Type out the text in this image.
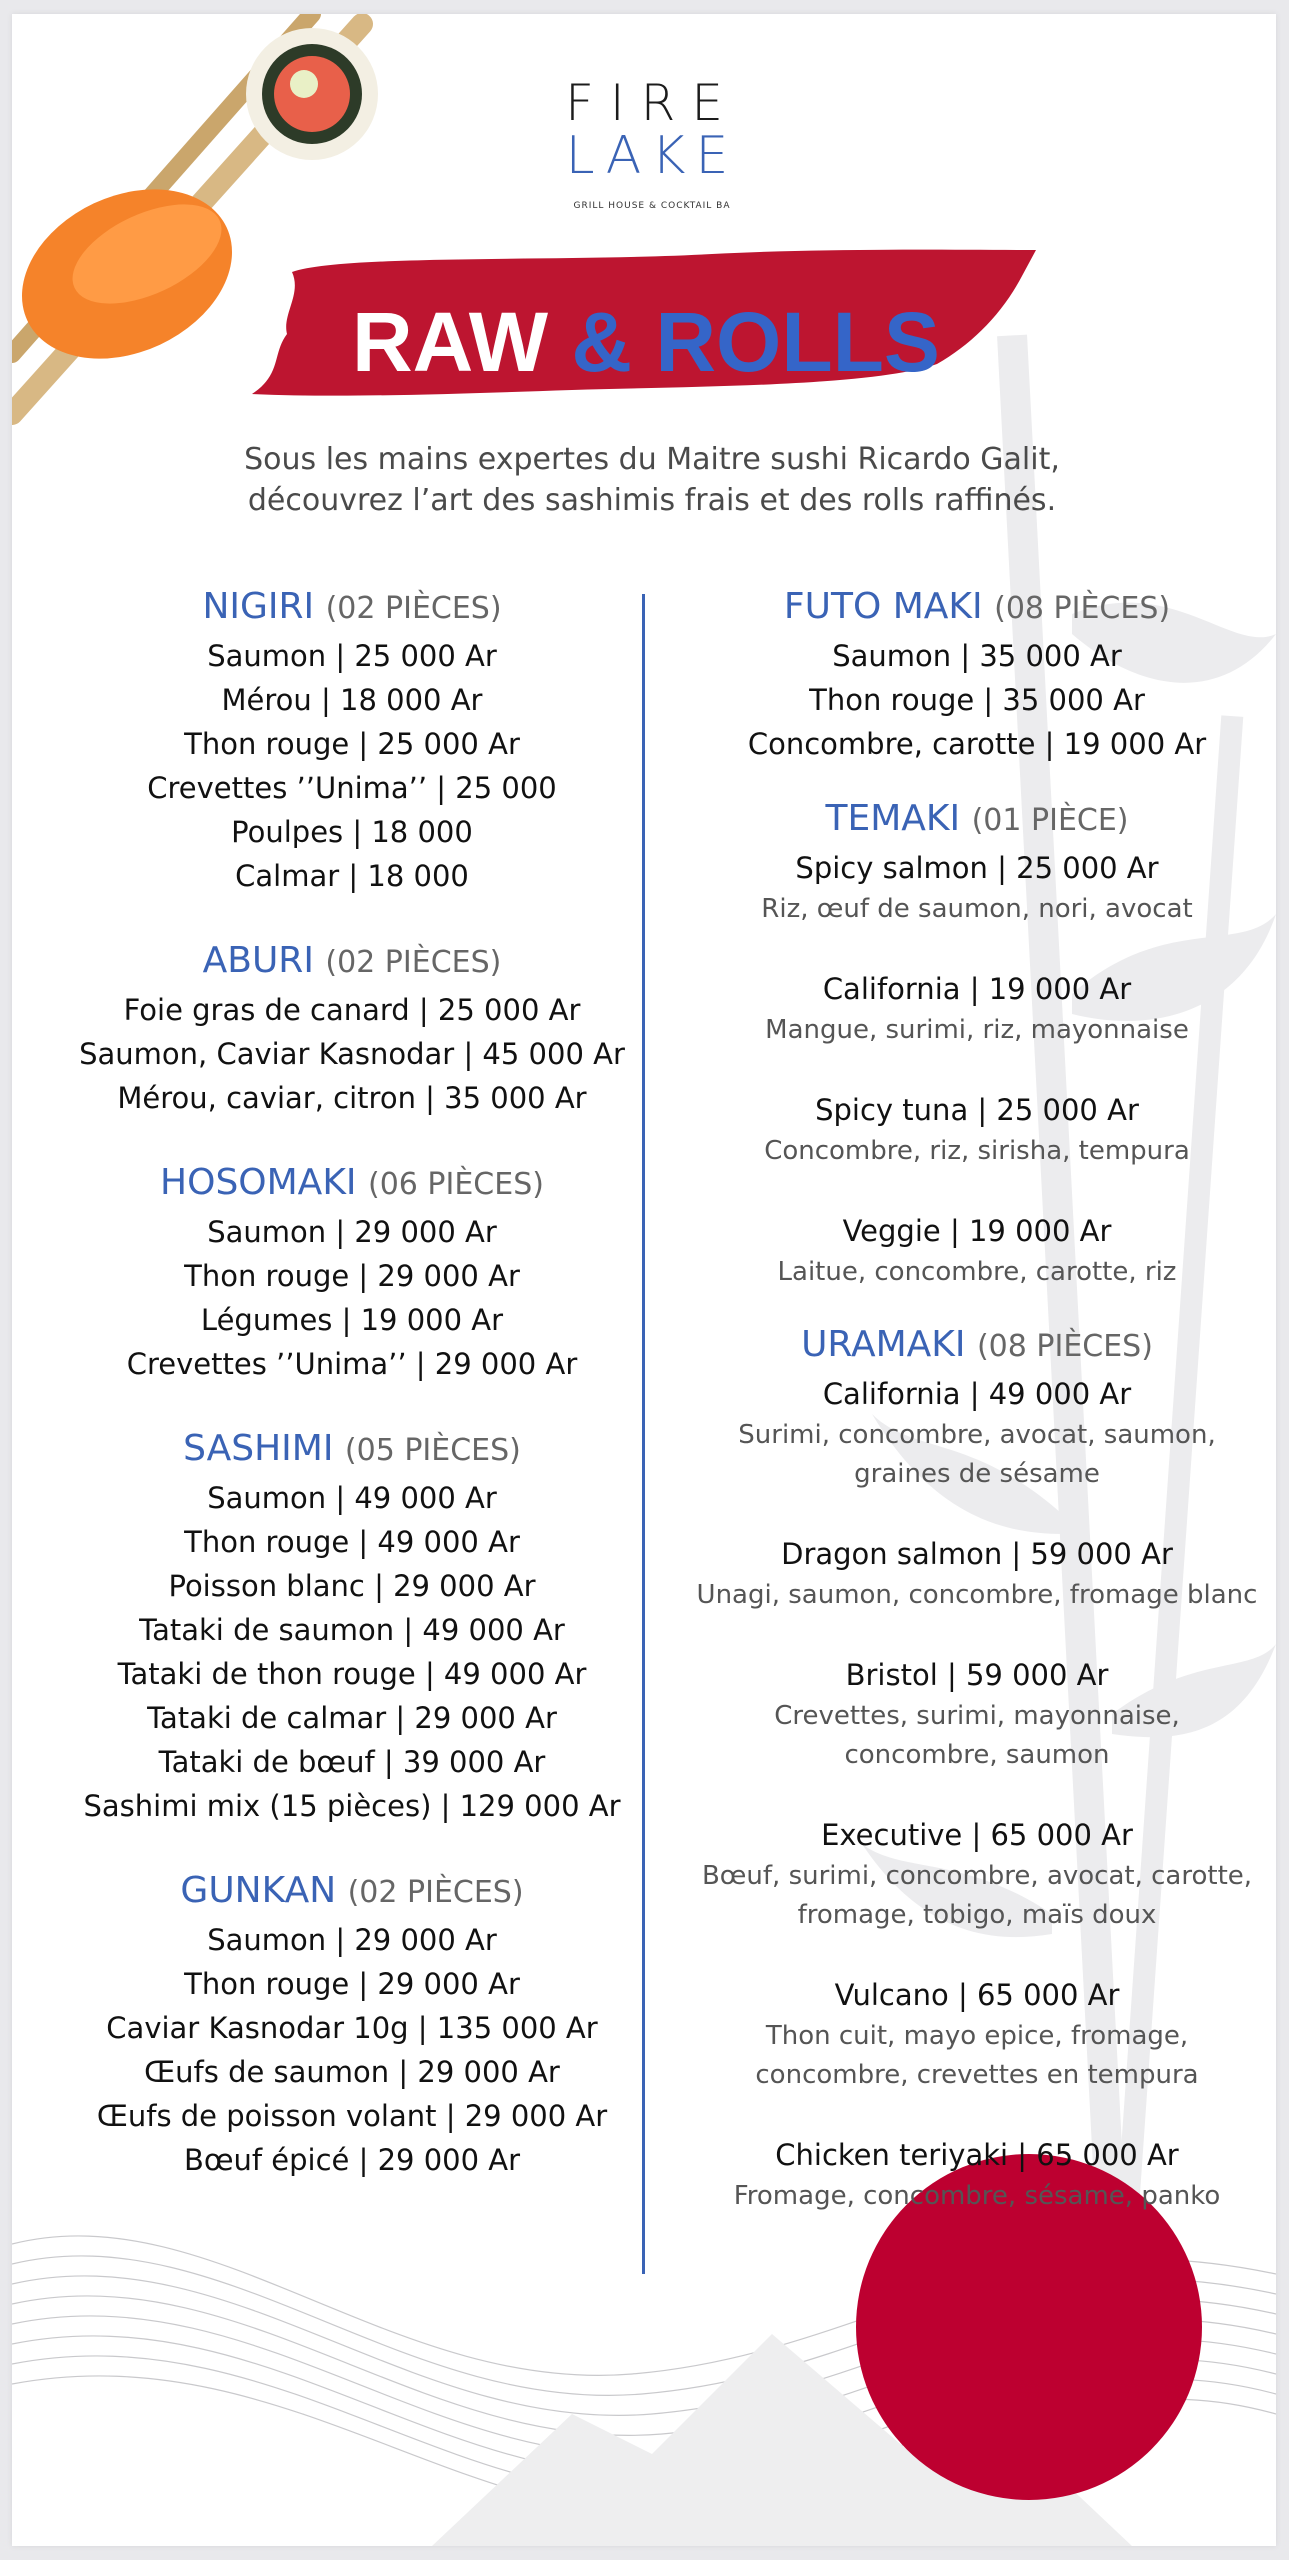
FIRE
LAKE
GRILL HOUSE & COCKTAIL BA
RAW & ROLLS
Sous les mains expertes du Maitre sushi Ricardo Galit,
découvrez l’art des sashimis frais et des rolls raffinés.
NIGIRI (02 PIÈCES)
Saumon | 25 000 Ar
Mérou | 18 000 Ar
Thon rouge | 25 000 Ar
Crevettes ’’Unima’’ | 25 000
Poulpes | 18 000
Calmar | 18 000
ABURI (02 PIÈCES)
Foie gras de canard | 25 000 Ar
Saumon, Caviar Kasnodar | 45 000 Ar
Mérou, caviar, citron | 35 000 Ar
HOSOMAKI (06 PIÈCES)
Saumon | 29 000 Ar
Thon rouge | 29 000 Ar
Légumes | 19 000 Ar
Crevettes ’’Unima’’ | 29 000 Ar
SASHIMI (05 PIÈCES)
Saumon | 49 000 Ar
Thon rouge | 49 000 Ar
Poisson blanc | 29 000 Ar
Tataki de saumon | 49 000 Ar
Tataki de thon rouge | 49 000 Ar
Tataki de calmar | 29 000 Ar
Tataki de bœuf | 39 000 Ar
Sashimi mix (15 pièces) | 129 000 Ar
GUNKAN (02 PIÈCES)
Saumon | 29 000 Ar
Thon rouge | 29 000 Ar
Caviar Kasnodar 10g | 135 000 Ar
Œufs de saumon | 29 000 Ar
Œufs de poisson volant | 29 000 Ar
Bœuf épicé | 29 000 Ar
FUTO MAKI (08 PIÈCES)
Saumon | 35 000 Ar
Thon rouge | 35 000 Ar
Concombre, carotte | 19 000 Ar
TEMAKI (01 PIÈCE)
Spicy salmon | 25 000 Ar
Riz, œuf de saumon, nori, avocat
California | 19 000 Ar
Mangue, surimi, riz, mayonnaise
Spicy tuna | 25 000 Ar
Concombre, riz, sirisha, tempura
Veggie | 19 000 Ar
Laitue, concombre, carotte, riz
URAMAKI (08 PIÈCES)
California | 49 000 Ar
Surimi, concombre, avocat, saumon,
graines de sésame
Dragon salmon | 59 000 Ar
Unagi, saumon, concombre, fromage blanc
Bristol | 59 000 Ar
Crevettes, surimi, mayonnaise,
concombre, saumon
Executive | 65 000 Ar
Bœuf, surimi, concombre, avocat, carotte,
fromage, tobigo, maïs doux
Vulcano | 65 000 Ar
Thon cuit, mayo epice, fromage,
concombre, crevettes en tempura
Chicken teriyaki | 65 000 Ar
Fromage, concombre, sésame, panko
